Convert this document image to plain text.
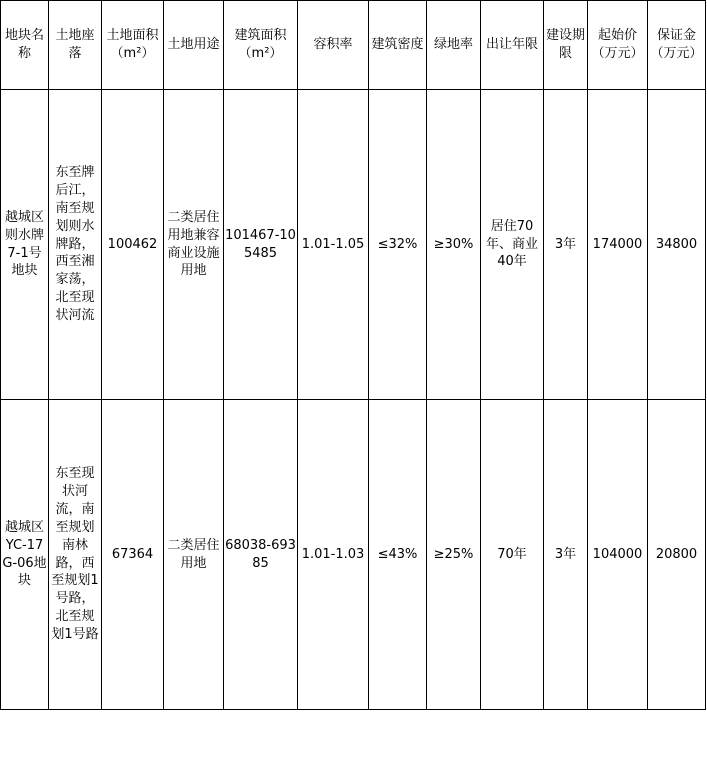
地块名称	土地座落	土地面积（m²）	土地用途	建筑面积（m²）	容积率	建筑密度	绿地率	出让年限	建设期限	起始价（万元）	保证金（万元）
越城区则水牌7-1号地块	东至牌后江，南至规划则水牌路，西至湘家荡，北至现状河流	100462	二类居住用地兼容商业设施用地	101467-105485	1.01-1.05	≤32%	≥30%	居住70年、商业40年	3年	174000	34800
越城区YC-17G-06地块	东至现状河流，南至规划南林路，西至规划1号路，北至规划1号路	67364	二类居住用地	68038-69385	1.01-1.03	≤43%	≥25%	70年	3年	104000	20800
